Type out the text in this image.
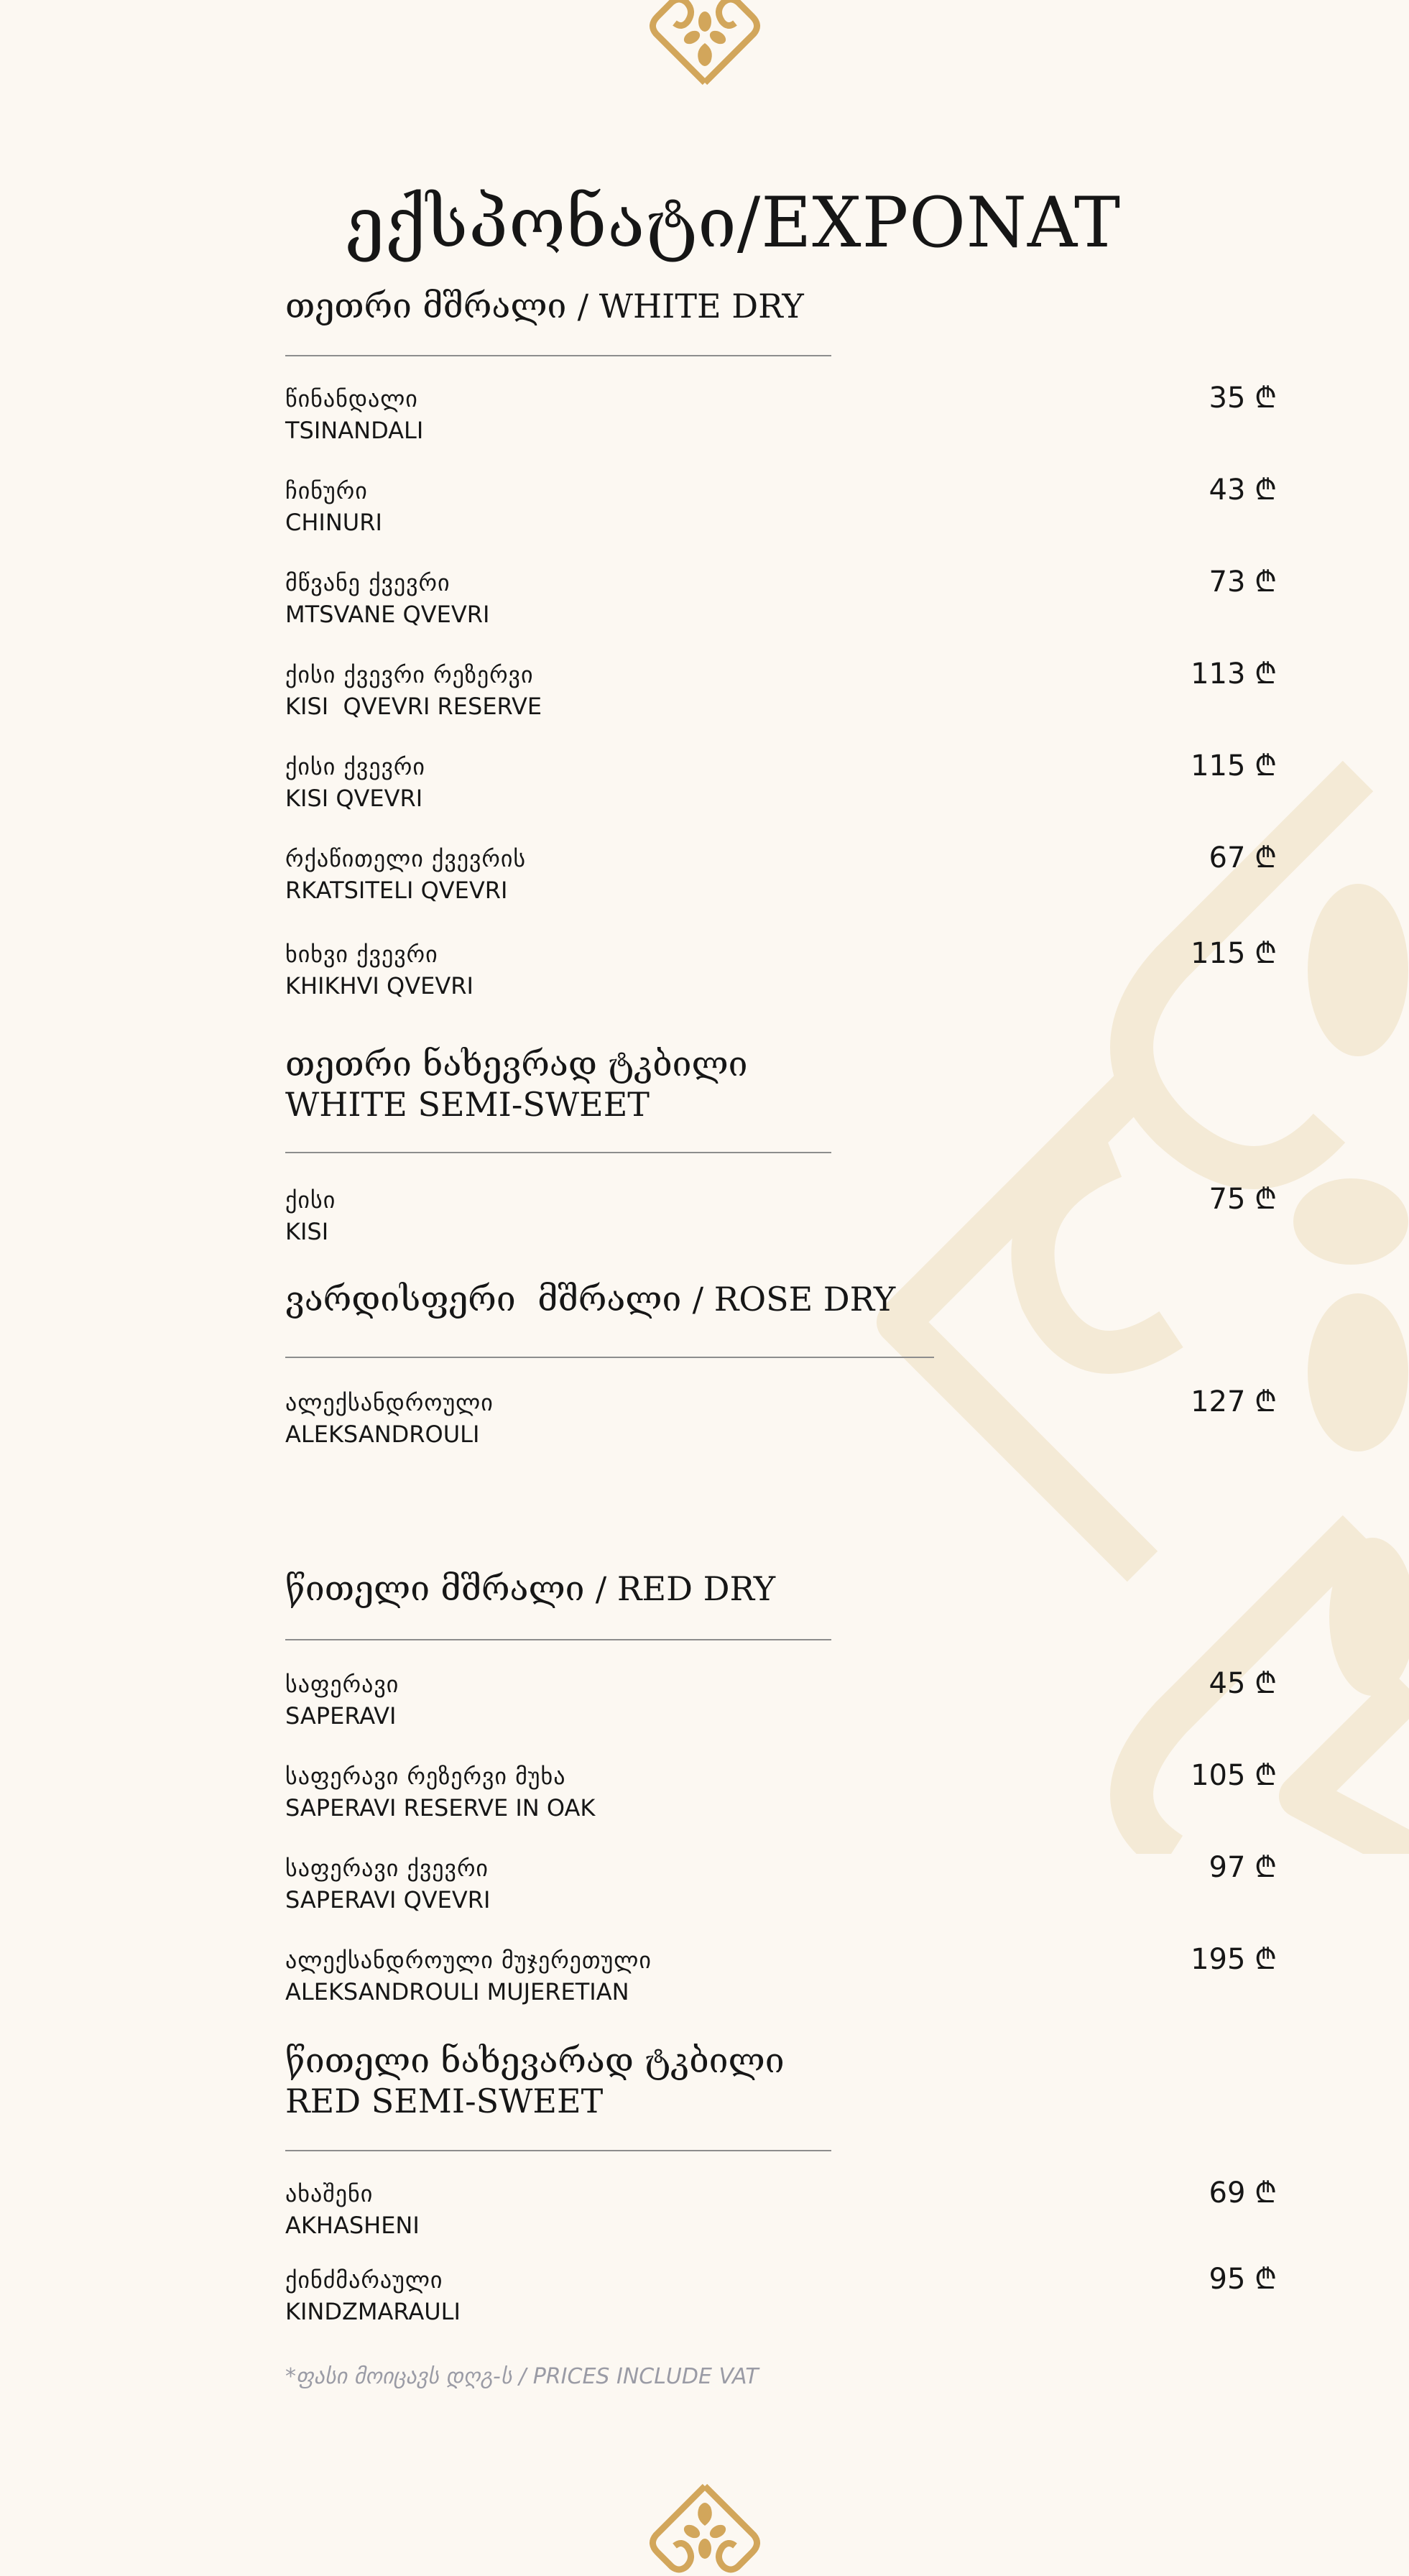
ექსპონატი/EXPONAT
თეთრი მშრალი / WHITE DRY
წინანდალი
TSINANDALI
35 ₾
ჩინური
CHINURI
43 ₾
მწვანე ქვევრი
MTSVANE QVEVRI
73 ₾
ქისი ქვევრი რეზერვი
KISI  QVEVRI RESERVE
113 ₾
ქისი ქვევრი
KISI QVEVRI
115 ₾
რქაწითელი ქვევრის
RKATSITELI QVEVRI
67 ₾
ხიხვი ქვევრი
KHIKHVI QVEVRI
115 ₾
თეთრი ნახევრად ტკბილი
WHITE SEMI-SWEET
ქისი
KISI
75 ₾
ვარდისფერი  მშრალი / ROSE DRY
ალექსანდროული
ALEKSANDROULI
127 ₾
წითელი მშრალი / RED DRY
საფერავი
SAPERAVI
45 ₾
საფერავი რეზერვი მუხა
SAPERAVI RESERVE IN OAK
105 ₾
საფერავი ქვევრი
SAPERAVI QVEVRI
97 ₾
ალექსანდროული მუჯერეთული
ALEKSANDROULI MUJERETIAN
195 ₾
წითელი ნახევარად ტკბილი
RED SEMI-SWEET
ახაშენი
AKHASHENI
69 ₾
ქინძმარაული
KINDZMARAULI
95 ₾
*ფასი მოიცავს დღგ-ს / PRICES INCLUDE VAT
